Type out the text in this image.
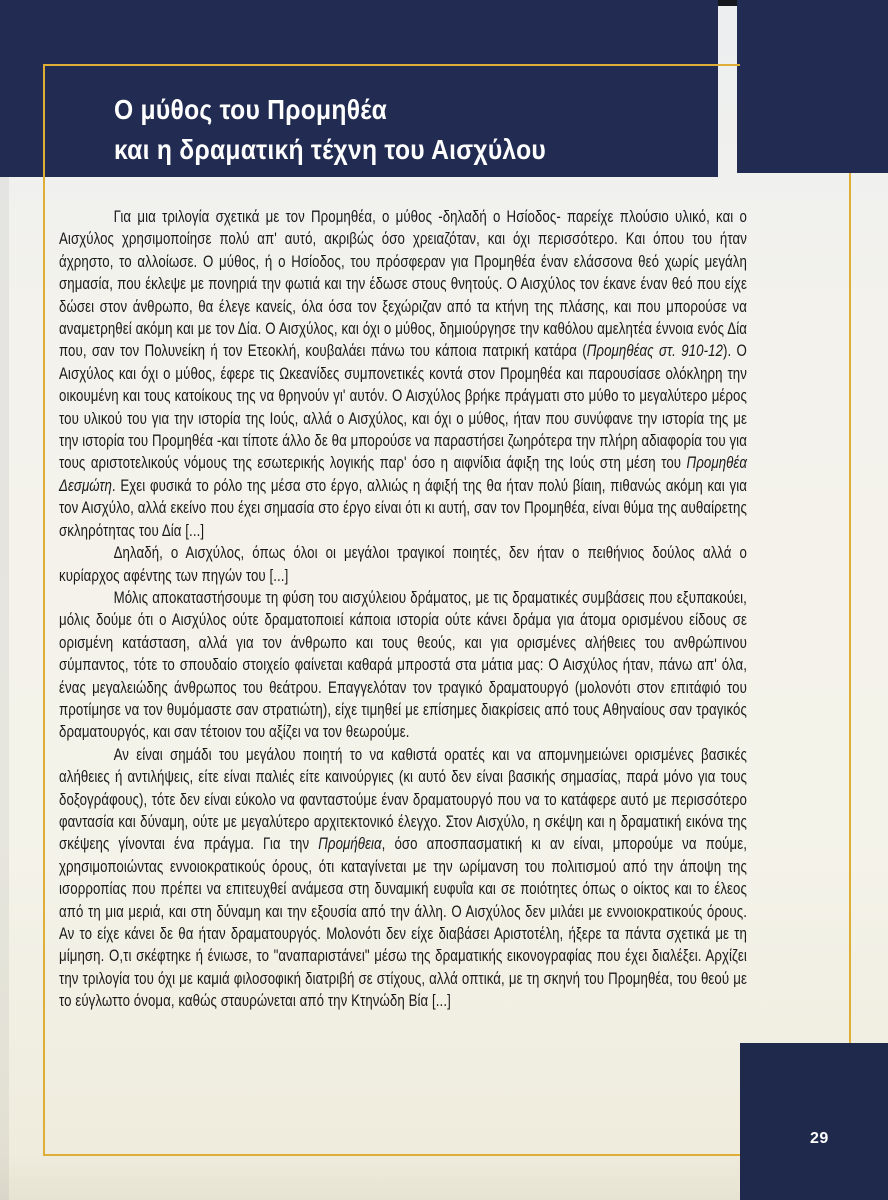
Ο μύθος του Προμηθέα
και η δραματική τέχνη του Αισχύλου

Για μια τριλογία σχετικά με τον Προμηθέα, ο μύθος -δηλαδή ο Ησίοδος- παρείχε πλούσιο υλικό, και ο Αισχύλος χρησιμοποίησε πολύ απ' αυτό, ακριβώς όσο χρειαζόταν, και όχι περισσότερο. Και όπου του ήταν άχρηστο, το αλλοίωσε. Ο μύθος, ή ο Ησίοδος, του πρόσφεραν για Προμηθέα έναν ελάσσονα θεό χωρίς μεγάλη σημασία, που έκλεψε με πονηριά την φωτιά και την έδωσε στους θνητούς. Ο Αισχύλος τον έκανε έναν θεό που είχε δώσει στον άνθρωπο, θα έλεγε κανείς, όλα όσα τον ξεχώριζαν από τα κτήνη της πλάσης, και που μπορούσε να αναμετρηθεί ακόμη και με τον Δία. Ο Αισχύλος, και όχι ο μύθος, δημιούργησε την καθόλου αμελητέα έννοια ενός Δία που, σαν τον Πολυνείκη ή τον Ετεοκλή, κουβαλάει πάνω του κάποια πατρική κατάρα (Προμηθέας στ. 910-12). Ο Αισχύλος και όχι ο μύθος, έφερε τις Ωκεανίδες συμπονετικές κοντά στον Προμηθέα και παρουσίασε ολόκληρη την οικουμένη και τους κατοίκους της να θρηνούν γι' αυτόν. Ο Αισχύλος βρήκε πράγματι στο μύθο το μεγαλύτερο μέρος του υλικού του για την ιστορία της Ιούς, αλλά ο Αισχύλος, και όχι ο μύθος, ήταν που συνύφανε την ιστορία της με την ιστορία του Προμηθέα -και τίποτε άλλο δε θα μπορούσε να παραστήσει ζωηρότερα την πλήρη αδιαφορία του για τους αριστοτελικούς νόμους της εσωτερικής λογικής παρ' όσο η αιφνίδια άφιξη της Ιούς στη μέση του Προμηθέα Δεσμώτη. Εχει φυσικά το ρόλο της μέσα στο έργο, αλλιώς η άφιξή της θα ήταν πολύ βίαιη, πιθανώς ακόμη και για τον Αισχύλο, αλλά εκείνο που έχει σημασία στο έργο είναι ότι κι αυτή, σαν τον Προμηθέα, είναι θύμα της αυθαίρετης σκληρότητας του Δία [...]

Δηλαδή, ο Αισχύλος, όπως όλοι οι μεγάλοι τραγικοί ποιητές, δεν ήταν ο πειθήνιος δούλος αλλά ο κυρίαρχος αφέντης των πηγών του [...]

Μόλις αποκαταστήσουμε τη φύση του αισχύλειου δράματος, με τις δραματικές συμβάσεις που εξυπακούει, μόλις δούμε ότι ο Αισχύλος ούτε δραματοποιεί κάποια ιστορία ούτε κάνει δράμα για άτομα ορισμένου είδους σε ορισμένη κατάσταση, αλλά για τον άνθρωπο και τους θεούς, και για ορισμένες αλήθειες του ανθρώπινου σύμπαντος, τότε το σπουδαίο στοιχείο φαίνεται καθαρά μπροστά στα μάτια μας: Ο Αισχύλος ήταν, πάνω απ' όλα, ένας μεγαλειώδης άνθρωπος του θεάτρου. Επαγγελόταν τον τραγικό δραματουργό (μολονότι στον επιτάφιό του προτίμησε να τον θυμόμαστε σαν στρατιώτη), είχε τιμηθεί με επίσημες διακρίσεις από τους Αθηναίους σαν τραγικός δραματουργός, και σαν τέτοιον του αξίζει να τον θεωρούμε.

Αν είναι σημάδι του μεγάλου ποιητή το να καθιστά ορατές και να απομνημειώνει ορισμένες βασικές αλήθειες ή αντιλήψεις, είτε είναι παλιές είτε καινούργιες (κι αυτό δεν είναι βασικής σημασίας, παρά μόνο για τους δοξογράφους), τότε δεν είναι εύκολο να φανταστούμε έναν δραματουργό που να το κατάφερε αυτό με περισσότερο φαντασία και δύναμη, ούτε με μεγαλύτερο αρχιτεκτονικό έλεγχο. Στον Αισχύλο, η σκέψη και η δραματική εικόνα της σκέψεης γίνονται ένα πράγμα. Για την Προμήθεια, όσο αποσπασματική κι αν είναι, μπορούμε να πούμε, χρησιμοποιώντας εννοιοκρατικούς όρους, ότι καταγίνεται με την ωρίμανση του πολιτισμού από την άποψη της ισορροπίας που πρέπει να επιτευχθεί ανάμεσα στη δυναμική ευφυΐα και σε ποιότητες όπως ο οίκτος και το έλεος από τη μια μεριά, και στη δύναμη και την εξουσία από την άλλη. Ο Αισχύλος δεν μιλάει με εννοιοκρατικούς όρους. Αν το είχε κάνει δε θα ήταν δραματουργός. Μολονότι δεν είχε διαβάσει Αριστοτέλη, ήξερε τα πάντα σχετικά με τη μίμηση. Ο,τι σκέφτηκε ή ένιωσε, το "αναπαριστάνει" μέσω της δραματικής εικονογραφίας που έχει διαλέξει. Αρχίζει την τριλογία του όχι με καμιά φιλοσοφική διατριβή σε στίχους, αλλά οπτικά, με τη σκηνή του Προμηθέα, του θεού με το εύγλωττο όνομα, καθώς σταυρώνεται από την Κτηνώδη Βία [...]

29
